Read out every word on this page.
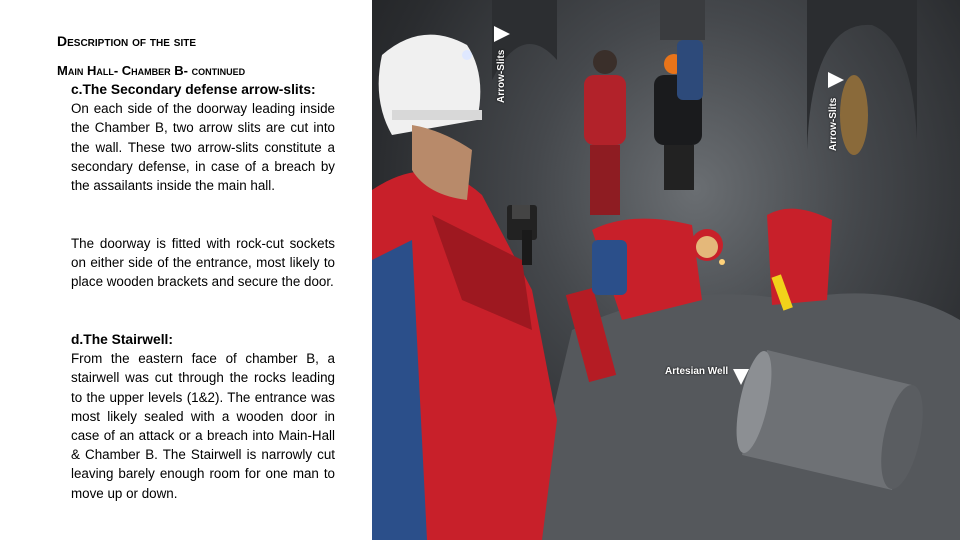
Description of the site
Main Hall- Chamber B- continued
c.The Secondary defense arrow-slits:

On each side of the doorway leading inside the Chamber B, two arrow slits are cut into the wall. These two arrow-slits constitute a secondary defense, in case of a breach by the assailants inside the main hall.

The doorway is fitted with rock-cut sockets on either side of the entrance, most likely to place wooden brackets and secure the door.

d.The Stairwell:

From the eastern face of chamber B, a stairwell was cut through the rocks leading to the upper levels (1&2). The entrance was most likely sealed with a wooden door in case of an attack or a breach into Main-Hall & Chamber B. The Stairwell is narrowly cut leaving barely enough room for one man to move up or down.

Arrow-Slits
Arrow-Slits
Artesian Well
